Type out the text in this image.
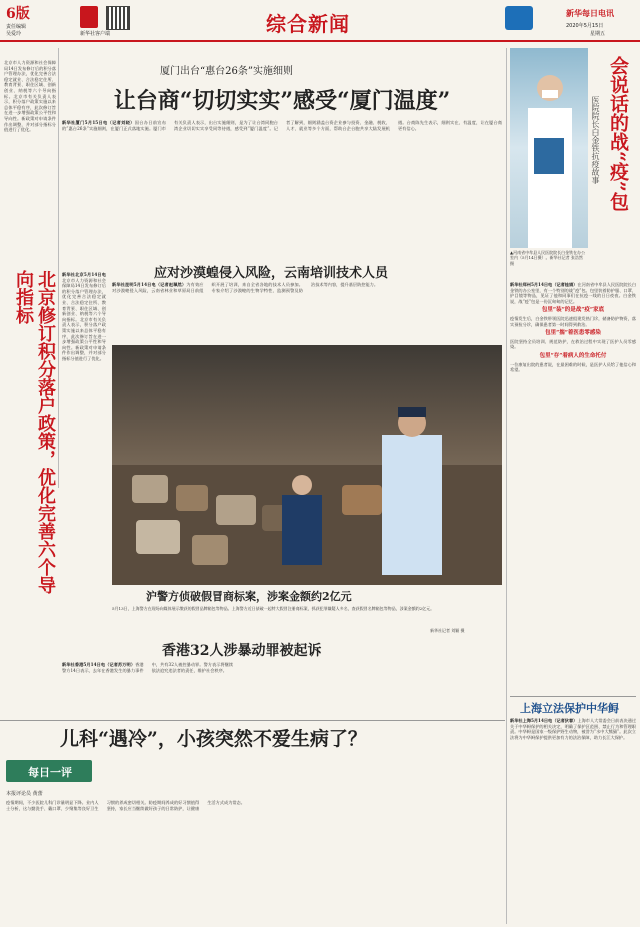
6版
责任编辑
吴爱玲	新华社客户端	综合新闻	新华每日电讯
2020年5月15日
星期五
厦门出台“惠台26条”实施细则
让台商“切切实实”感受“厦门温度”
新华社厦门5月15日电（记者刘晓）国台办日前宣布的“惠台26条”实施细则，在厦门正式落地实施。厦门市有关负责人表示，出台实施细则，是为了让台湾同胞台湾企业切切实实享受同等待遇，感受到“厦门温度”。记者了解到，细则涵盖台资企业参与投资、金融、税收、人才、就业等多个方面，帮助台企台胞共享大陆发展机遇。台商陈先生表示，细则实在、有温度，让在厦台商更有信心。
北京市人力资源和社会保障局14日发布修订后的积分落户管理办法，优化完善合法稳定就业、合法稳定住所、教育背景、职住区域、创新创业、纳税等六个导向指标。北京市有关负责人表示，积分落户政策实施以来总体平稳有序，此次修订旨在进一步增强政策公平性和导向性。新政策对申请条件作出调整，并对部分指标分值进行了优化。
北京修订积分落户政策，优化完善六个导向指标	新华社北京5月14日电北京市人力资源和社会保障局14日发布修订后的积分落户管理办法，优化完善合法稳定就业、合法稳定住所、教育背景、职住区域、创新创业、纳税等六个导向指标。北京市有关负责人表示，积分落户政策实施以来总体平稳有序，此次修订旨在进一步增强政策公平性和导向性。新政策对申请条件作出调整，并对部分指标分值进行了优化。
应对沙漠蝗侵入风险，云南培训技术人员
新华社昆明5月14日电（记者赵珮然）为有效应对沙漠蝗侵入风险，云南省林业和草原局日前组织开展了培训，来自全省各地的技术人员参加。专家介绍了沙漠蝗的生物学特性、监测预警及防治技术等内容，提升基层防控能力。
沪警方侦破假冒商标案，涉案金额约2亿元
5月13日，上海警方在现场向媒体展示缴获的假冒品牌箱包等物品。上海警方近日侦破一起特大假冒注册商标案，抓获犯罪嫌疑人多名，查获假冒名牌箱包等物品，涉案金额约2亿元。
新华社记者 刘颖 摄
香港32人涉暴动罪被起诉
新华社香港5月14日电（记者苏万明）香港警方14日表示，去年在香港发生的暴力事件中，共有32人被控暴动罪。警方表示将继续依法追究违法者的责任，维护社会秩序。
儿科“遇冷”，小孩突然不爱生病了？
每日一评
本报评论员 黄蕾
疫情期间，不少医院儿科门诊量明显下降。业内人士分析，这与勤洗手、戴口罩、少聚集等良好卫生习惯的养成密切相关。防疫期间养成的好习惯值得坚持，家长应当继续做好孩子的日常防护，让健康生活方式成为常态。
会说话的战“疫”包
医院院长白金铁抗疫故事
▲河南省中牟县人民医院院长白金铁在办公室内（5月14日摄）。新华社记者 张浩然 摄
新华社郑州5月14日电（记者桂娟）在河南省中牟县人民医院院长白金铁的办公室里，有一个特别的战“疫”包。包里装着防护服、口罩、护目镜等物品，见证了他和同事们在抗疫一线的日日夜夜。白金铁说，战“疫”包是一份沉甸甸的记忆。
包里“装”的是战“疫”家底
疫情发生后，白金铁带领医院迅速组建发热门诊，储备防护物资，落实预检分诊，确保患者第一时间得到救治。
包里“揣”着医患零感染
医院坚持全员培训、规范防护，在救治过程中实现了医护人员零感染。
包里“存”着病人的生命托付
一位康复出院的患者说，在最困难的时候，是医护人员给了他信心和希望。
上海立法保护中华鲟
新华社上海5月14日电（记者狄春）上海市人大常委会日前表决通过关于中华鲟保护的相关决定，明确了保护区范围、禁止行为和管理职责。中华鲟是国家一级保护野生动物，被誉为“水中大熊猫”。此次立法将为中华鲟保护提供更加有力的法治保障，助力长江大保护。
